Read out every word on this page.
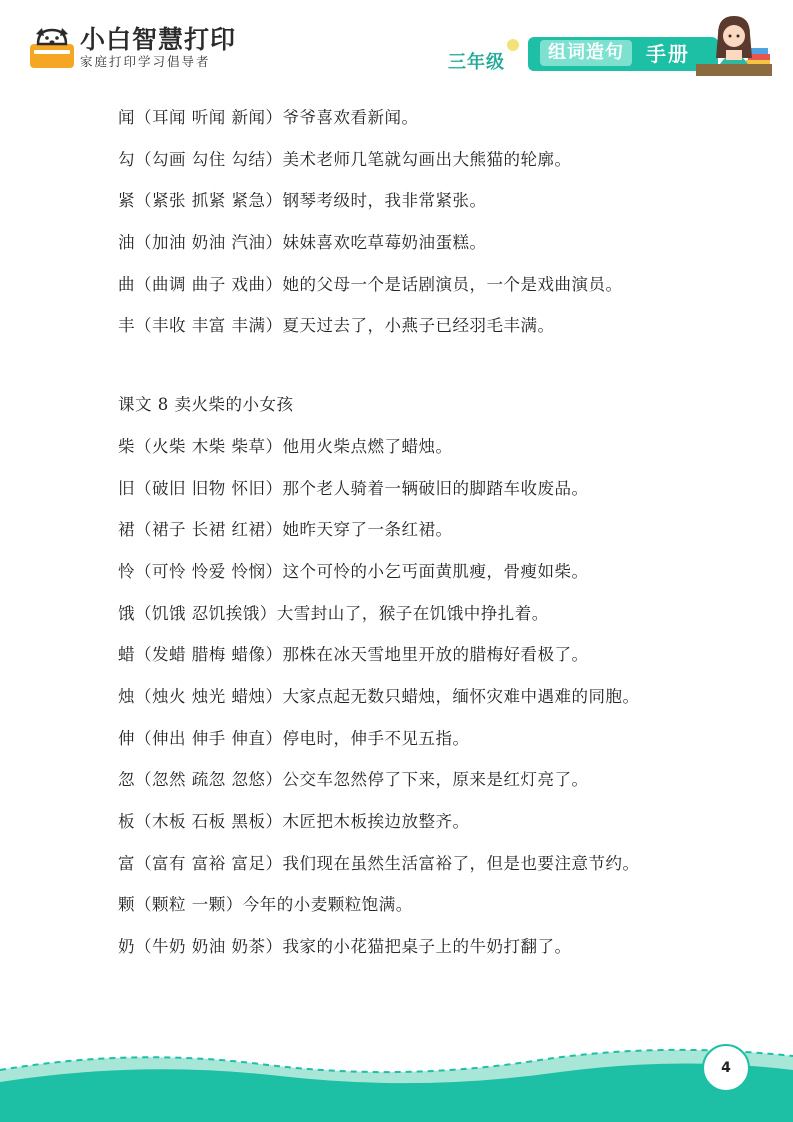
小白智慧打印
家庭打印学习倡导者	三年级	组词造句	手册
闻（耳闻 听闻 新闻）爷爷喜欢看新闻。
勾（勾画 勾住 勾结）美术老师几笔就勾画出大熊猫的轮廓。
紧（紧张 抓紧 紧急）钢琴考级时，我非常紧张。
油（加油 奶油 汽油）妹妹喜欢吃草莓奶油蛋糕。
曲（曲调 曲子 戏曲）她的父母一个是话剧演员，一个是戏曲演员。
丰（丰收 丰富 丰满）夏天过去了，小燕子已经羽毛丰满。
课文 8 卖火柴的小女孩
柴（火柴 木柴 柴草）他用火柴点燃了蜡烛。
旧（破旧 旧物 怀旧）那个老人骑着一辆破旧的脚踏车收废品。
裙（裙子 长裙 红裙）她昨天穿了一条红裙。
怜（可怜 怜爱 怜悯）这个可怜的小乞丐面黄肌瘦，骨瘦如柴。
饿（饥饿 忍饥挨饿）大雪封山了，猴子在饥饿中挣扎着。
蜡（发蜡 腊梅 蜡像）那株在冰天雪地里开放的腊梅好看极了。
烛（烛火 烛光 蜡烛）大家点起无数只蜡烛，缅怀灾难中遇难的同胞。
伸（伸出 伸手 伸直）停电时，伸手不见五指。
忽（忽然 疏忽 忽悠）公交车忽然停了下来，原来是红灯亮了。
板（木板 石板 黑板）木匠把木板挨边放整齐。
富（富有 富裕 富足）我们现在虽然生活富裕了，但是也要注意节约。
颗（颗粒 一颗）今年的小麦颗粒饱满。
奶（牛奶 奶油 奶茶）我家的小花猫把桌子上的牛奶打翻了。
4
